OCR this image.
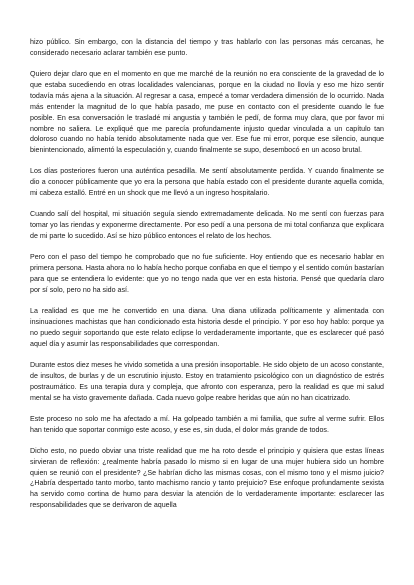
hizo público. Sin embargo, con la distancia del tiempo y tras hablarlo con las personas más cercanas, he considerado necesario aclarar también ese punto.

Quiero dejar claro que en el momento en que me marché de la reunión no era consciente de la gravedad de lo que estaba sucediendo en otras localidades valencianas, porque en la ciudad no llovía y eso me hizo sentir todavía más ajena a la situación. Al regresar a casa, empecé a tomar verdadera dimensión de lo ocurrido. Nada más entender la magnitud de lo que había pasado, me puse en contacto con el presidente cuando le fue posible. En esa conversación le trasladé mi angustia y también le pedí, de forma muy clara, que por favor mi nombre no saliera. Le expliqué que me parecía profundamente injusto quedar vinculada a un capítulo tan doloroso cuando no había tenido absolutamente nada que ver. Ese fue mi error, porque ese silencio, aunque bienintencionado, alimentó la especulación y, cuando finalmente se supo, desembocó en un acoso brutal.

Los días posteriores fueron una auténtica pesadilla. Me sentí absolutamente perdida. Y cuando finalmente se dio a conocer públicamente que yo era la persona que había estado con el presidente durante aquella comida, mi cabeza estalló. Entré en un shock que me llevó a un ingreso hospitalario.

Cuando salí del hospital, mi situación seguía siendo extremadamente delicada. No me sentí con fuerzas para tomar yo las riendas y exponerme directamente. Por eso pedí a una persona de mi total confianza que explicara de mi parte lo sucedido. Así se hizo público entonces el relato de los hechos.

Pero con el paso del tiempo he comprobado que no fue suficiente. Hoy entiendo que es necesario hablar en primera persona. Hasta ahora no lo había hecho porque confiaba en que el tiempo y el sentido común bastarían para que se entendiera lo evidente: que yo no tengo nada que ver en esta historia. Pensé que quedaría claro por sí solo, pero no ha sido así.

La realidad es que me he convertido en una diana. Una diana utilizada políticamente y alimentada con insinuaciones machistas que han condicionado esta historia desde el principio. Y por eso hoy hablo: porque ya no puedo seguir soportando que este relato eclipse lo verdaderamente importante, que es esclarecer qué pasó aquel día y asumir las responsabilidades que correspondan.

Durante estos diez meses he vivido sometida a una presión insoportable. He sido objeto de un acoso constante, de insultos, de burlas y de un escrutinio injusto. Estoy en tratamiento psicológico con un diagnóstico de estrés postraumático. Es una terapia dura y compleja, que afronto con esperanza, pero la realidad es que mi salud mental se ha visto gravemente dañada. Cada nuevo golpe reabre heridas que aún no han cicatrizado.

Este proceso no solo me ha afectado a mí. Ha golpeado también a mi familia, que sufre al verme sufrir. Ellos han tenido que soportar conmigo este acoso, y ese es, sin duda, el dolor más grande de todos.

Dicho esto, no puedo obviar una triste realidad que me ha roto desde el principio y quisiera que estas líneas sirvieran de reflexión: ¿realmente habría pasado lo mismo si en lugar de una mujer hubiera sido un hombre quien se reunió con el presidente? ¿Se habrían dicho las mismas cosas, con el mismo tono y el mismo juicio? ¿Habría despertado tanto morbo, tanto machismo rancio y tanto prejuicio? Ese enfoque profundamente sexista ha servido como cortina de humo para desviar la atención de lo verdaderamente importante: esclarecer las responsabilidades que se derivaron de aquella
